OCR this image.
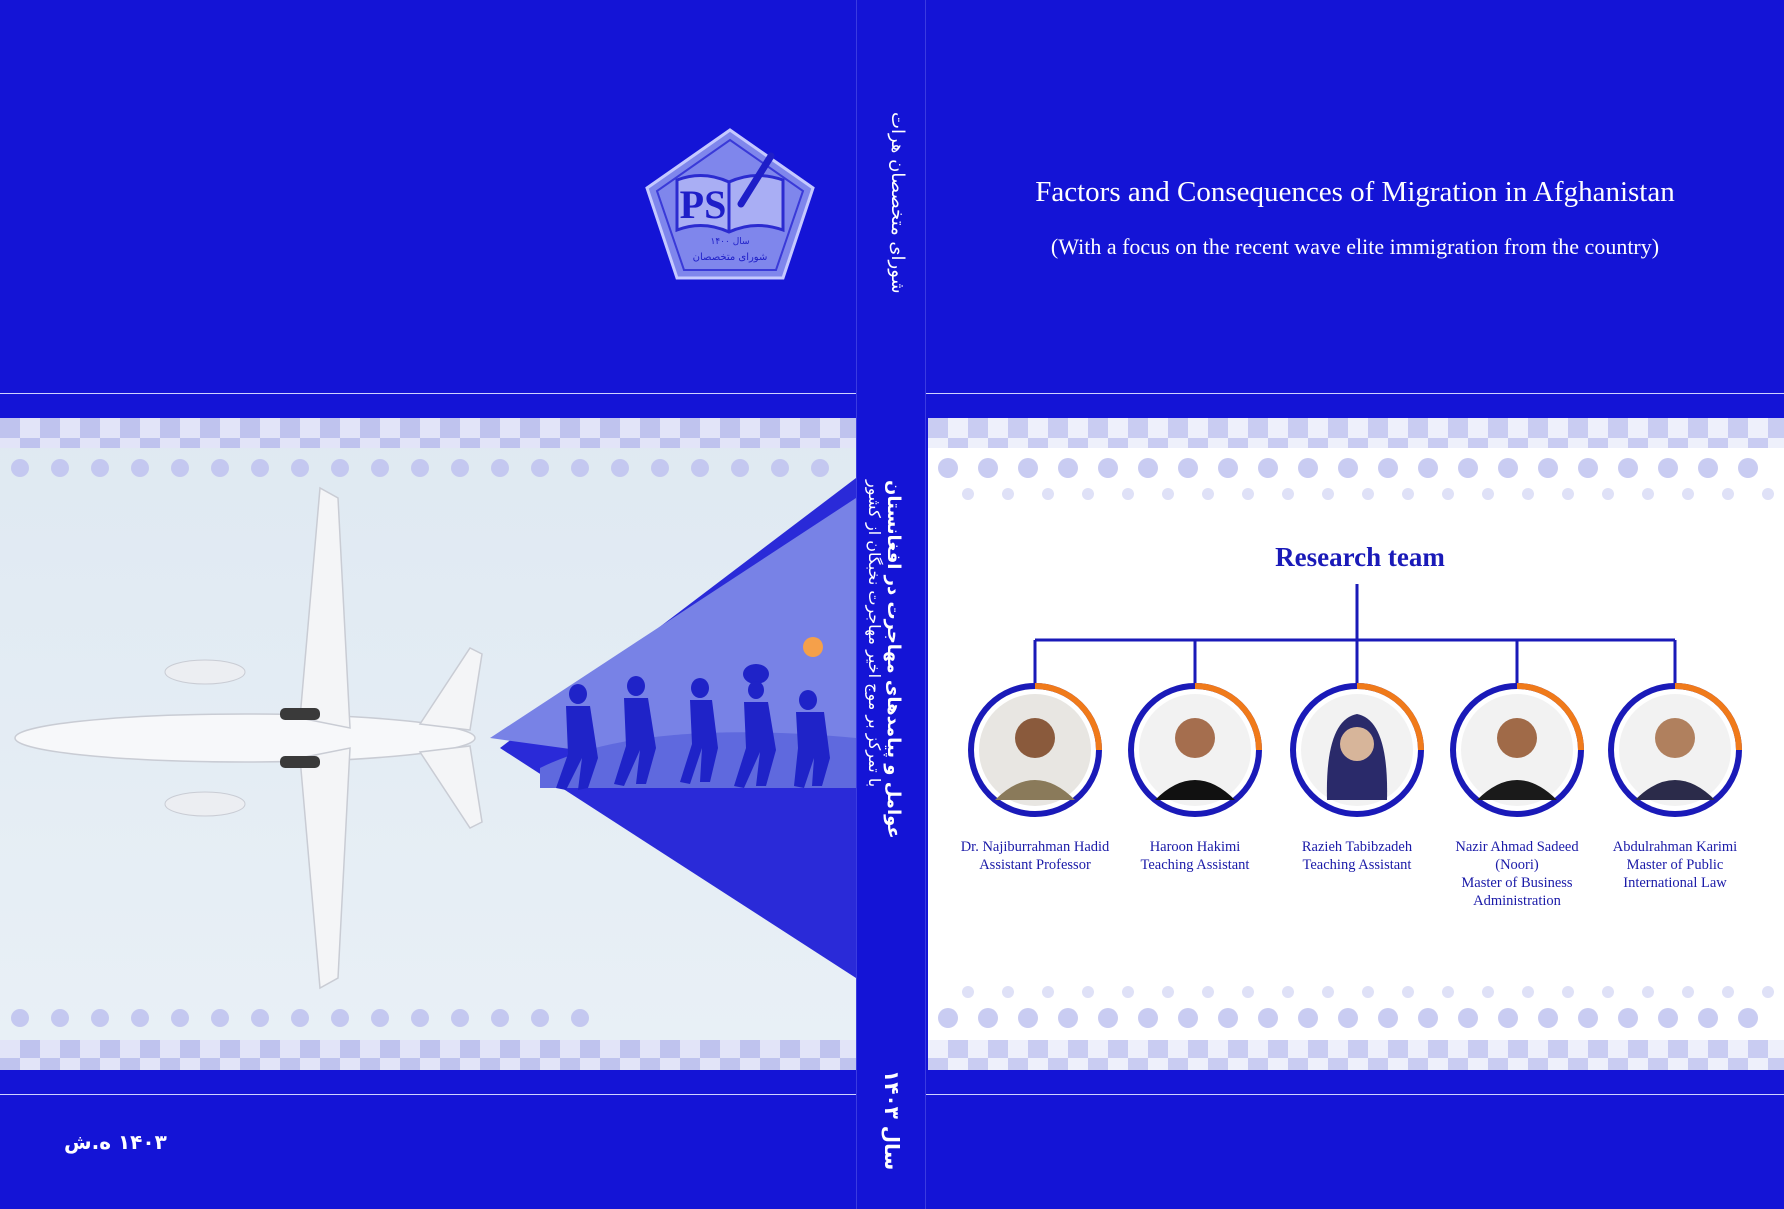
PS
سال ۱۴۰۰
شورای متخصصان
۱۴۰۳ ه.ش
شورای متخصصان هرات
عوامل و پیامدهای مهاجرت در افغانستان
با تمرکز بر موج اخیر مهاجرت نخبگان از کشور
سال ۱۴۰۳
Factors and Consequences of Migration in Afghanistan
(With a focus on the recent wave elite immigration from the country)
Research team
Dr. Najiburrahman Hadid
Assistant Professor
Haroon Hakimi
Teaching Assistant
Razieh Tabibzadeh
Teaching Assistant
Nazir Ahmad Sadeed (Noori)
Master of Business Administration
Abdulrahman Karimi
Master of Public International Law
